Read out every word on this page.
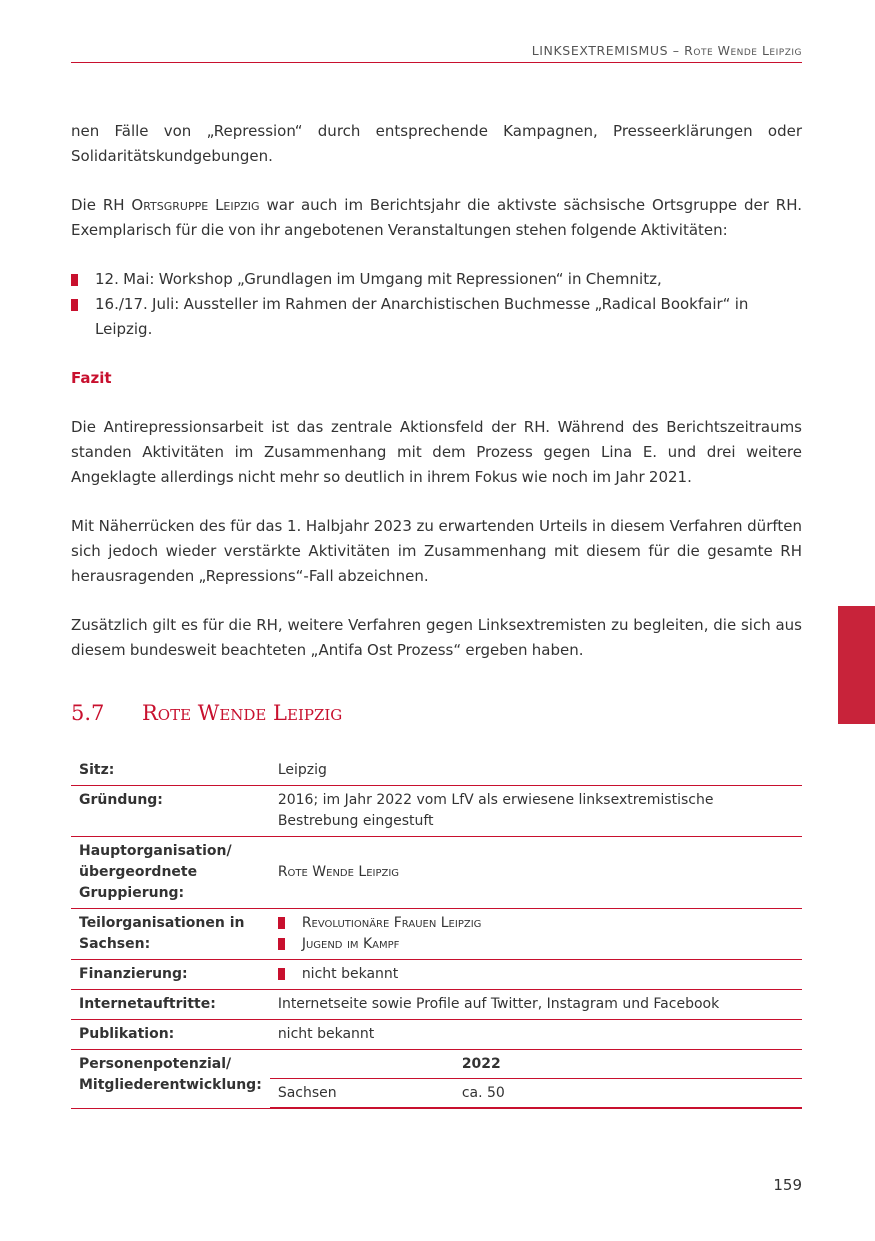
LINKSEXTREMISMUS – Rote Wende Leipzig

nen Fälle von „Repression“ durch entsprechende Kampagnen, Presseerklärungen oder Solidaritätskundgebungen.

Die RH Ortsgruppe Leipzig war auch im Berichtsjahr die aktivste sächsische Ortsgruppe der RH. Exemplarisch für die von ihr angebotenen Veranstaltungen stehen folgende Aktivitäten:

12. Mai: Workshop „Grundlagen im Umgang mit Repressionen“ in Chemnitz,
16./17. Juli: Aussteller im Rahmen der Anarchistischen Buchmesse „Radical Bookfair“ in Leipzig.
Fazit

Die Antirepressionsarbeit ist das zentrale Aktionsfeld der RH. Während des Berichtszeitraums standen Aktivitäten im Zusammenhang mit dem Prozess gegen Lina E. und drei weitere Angeklagte allerdings nicht mehr so deutlich in ihrem Fokus wie noch im Jahr 2021.

Mit Näherrücken des für das 1. Halbjahr 2023 zu erwartenden Urteils in diesem Verfahren dürften sich jedoch wieder verstärkte Aktivitäten im Zusammenhang mit diesem für die gesamte RH herausragenden „Repressions“-Fall abzeichnen.

Zusätzlich gilt es für die RH, weitere Verfahren gegen Linksextremisten zu begleiten, die sich aus diesem bundesweit beachteten „Antifa Ost Prozess“ ergeben haben.

5.7	Rote Wende Leipzig
Sitz:	Leipzig
Gründung:	2016; im Jahr 2022 vom LfV als erwiesene linksextremistische Bestrebung eingestuft
Hauptorganisation/
übergeordnete
Gruppierung:	Rote Wende Leipzig
Teilorganisationen in
Sachsen:	
Revolutionäre Frauen Leipzig
Jugend im Kampf

Finanzierung:	nicht bekannt

Internetauftritte:	Internetseite sowie Profile auf Twitter, Instagram und Facebook
Publikation:	nicht bekannt
Personenpotenzial/
Mitgliederentwicklung:	
	2022
Sachsen	ca. 50
159
